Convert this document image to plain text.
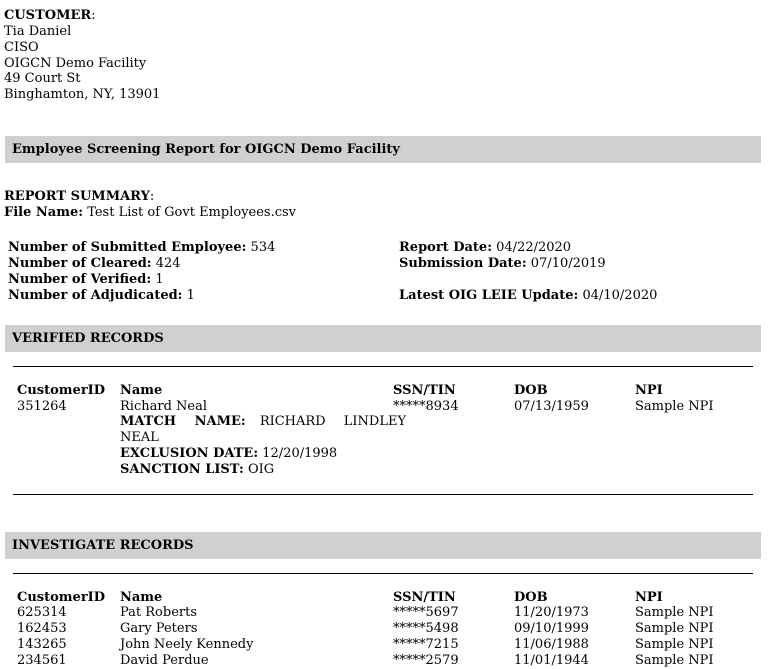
CUSTOMER:
Tia Daniel
CISO
OIGCN Demo Facility
49 Court St
Binghamton, NY, 13901
Employee Screening Report for OIGCN Demo Facility
REPORT SUMMARY:
File Name: Test List of Govt Employees.csv
Number of Submitted Employee: 534
Number of Cleared: 424
Number of Verified: 1
Number of Adjudicated: 1
Report Date: 04/22/2020
Submission Date: 07/10/2019
Latest OIG LEIE Update: 04/10/2020
VERIFIED RECORDS
CustomerID Name	SSN/TIN	DOB	NPI
351264	Richard Neal	*****8934	07/13/1959	Sample NPI
MATCH NAME: RICHARD LINDLEY
NEAL
EXCLUSION DATE: 12/20/1998
SANCTION LIST: OIG
INVESTIGATE RECORDS
CustomerID Name	SSN/TIN	DOB	NPI
625314	Pat Roberts	*****5697	11/20/1973	Sample NPI
162453	Gary Peters	*****5498	09/10/1999	Sample NPI
143265	John Neely Kennedy	*****7215	11/06/1988	Sample NPI
234561	David Perdue	*****2579	11/01/1944	Sample NPI
